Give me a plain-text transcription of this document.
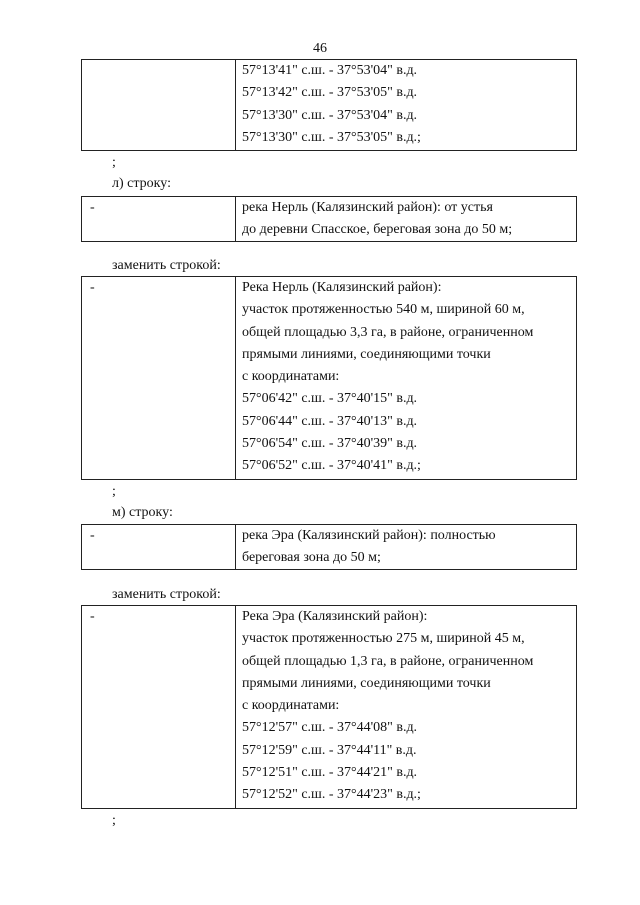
46
57°13'41" с.ш. - 37°53'04" в.д.
57°13'42" с.ш. - 37°53'05" в.д.
57°13'30" с.ш. - 37°53'04" в.д.
57°13'30" с.ш. - 37°53'05" в.д.;
;
л) строку:
-	река Нерль (Калязинский район): от устья
до деревни Спасское, береговая зона до 50 м;
заменить строкой:
-	Река Нерль (Калязинский район):
участок протяженностью 540 м, шириной 60 м,
общей площадью 3,3 га, в районе, ограниченном
прямыми линиями, соединяющими точки
с координатами:
57°06'42" с.ш. - 37°40'15" в.д.
57°06'44" с.ш. - 37°40'13" в.д.
57°06'54" с.ш. - 37°40'39" в.д.
57°06'52" с.ш. - 37°40'41" в.д.;
;
м) строку:
-	река Эра (Калязинский район): полностью
береговая зона до 50 м;
заменить строкой:
-	Река Эра (Калязинский район):
участок протяженностью 275 м, шириной 45 м,
общей площадью 1,3 га, в районе, ограниченном
прямыми линиями, соединяющими точки
с координатами:
57°12'57" с.ш. - 37°44'08" в.д.
57°12'59" с.ш. - 37°44'11" в.д.
57°12'51" с.ш. - 37°44'21" в.д.
57°12'52" с.ш. - 37°44'23" в.д.;
;
